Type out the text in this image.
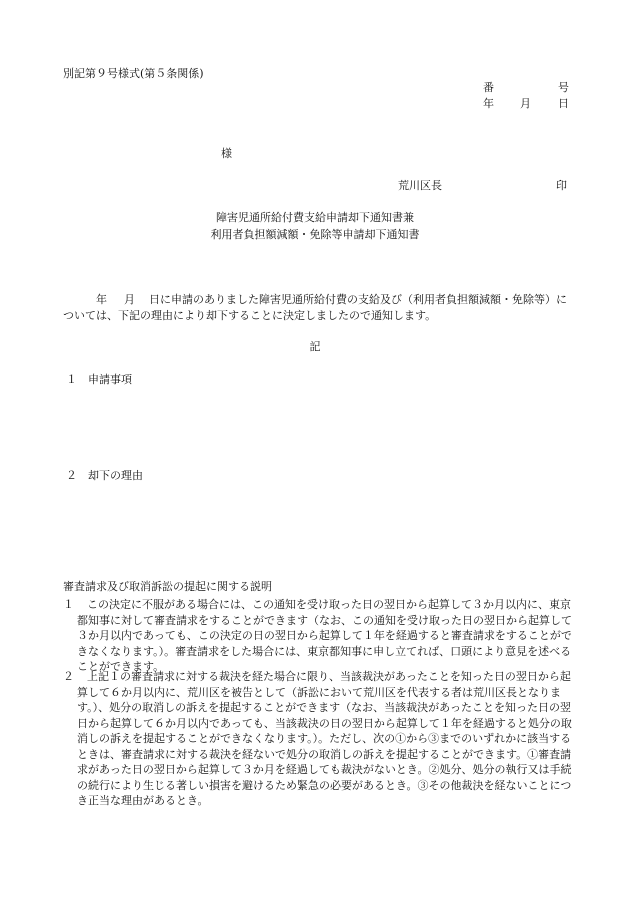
別記第９号様式(第５条関係)
番	号
年 月 日
様
荒川区長	印
障害児通所給付費支給申請却下通知書兼
利用者負担額減額・免除等申請却下通知書
年 月 日に申請のありました障害児通所給付費の支給及び（利用者負担額減額・免除等）については、下記の理由により却下することに決定しましたので通知します。
記
１ 申請事項
２ 却下の理由
審査請求及び取消訴訟の提起に関する説明
１	この決定に不服がある場合には、この通知を受け取った日の翌日から起算して３か月以内に、東京都知事に対して審査請求をすることができます（なお、この通知を受け取った日の翌日から起算して３か月以内であっても、この決定の日の翌日から起算して１年を経過すると審査請求をすることができなくなります。）。審査請求をした場合には、東京都知事に申し立てれば、口頭により意見を述べることができます。
２	上記１の審査請求に対する裁決を経た場合に限り、当該裁決があったことを知った日の翌日から起算して６か月以内に、荒川区を被告として（訴訟において荒川区を代表する者は荒川区長となります。）、処分の取消しの訴えを提起することができます（なお、当該裁決があったことを知った日の翌日から起算して６か月以内であっても、当該裁決の日の翌日から起算して１年を経過すると処分の取消しの訴えを提起することができなくなります。）。ただし、次の①から③までのいずれかに該当するときは、審査請求に対する裁決を経ないで処分の取消しの訴えを提起することができます。①審査請求があった日の翌日から起算して３か月を経過しても裁決がないとき。②処分、処分の執行又は手続の続行により生じる著しい損害を避けるため緊急の必要があるとき。③その他裁決を経ないことにつき正当な理由があるとき。
